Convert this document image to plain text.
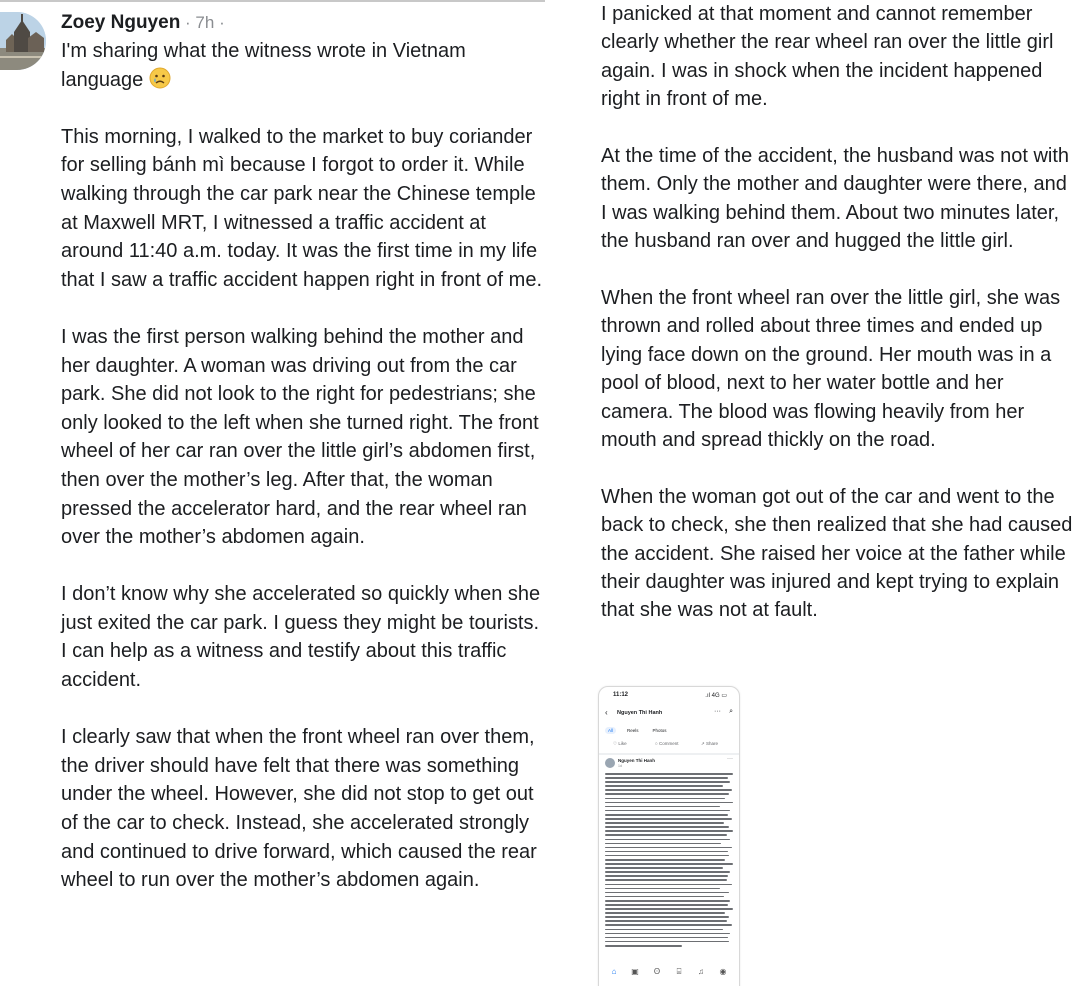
Zoey Nguyen · 7h ·

I'm sharing what the witness wrote in Vietnam language

This morning, I walked to the market to buy coriander for selling bánh mì because I forgot to order it. While walking through the car park near the Chinese temple at Maxwell MRT, I witnessed a traffic accident at around 11:40 a.m. today. It was the first time in my life that I saw a traffic accident happen right in front of me.

I was the first person walking behind the mother and her daughter. A woman was driving out from the car park. She did not look to the right for pedestrians; she only looked to the left when she turned right. The front wheel of her car ran over the little girl’s abdomen first, then over the mother’s leg. After that, the woman pressed the accelerator hard, and the rear wheel ran over the mother’s abdomen again.

I don’t know why she accelerated so quickly when she just exited the car park. I guess they might be tourists. I can help as a witness and testify about this traffic accident.

I clearly saw that when the front wheel ran over them, the driver should have felt that there was something under the wheel. However, she did not stop to get out of the car to check. Instead, she accelerated strongly and continued to drive forward, which caused the rear wheel to run over the mother’s abdomen again.

I panicked at that moment and cannot remember clearly whether the rear wheel ran over the little girl again. I was in shock when the incident happened right in front of me.

At the time of the accident, the husband was not with them. Only the mother and daughter were there, and I was walking behind them. About two minutes later, the husband ran over and hugged the little girl.

When the front wheel ran over the little girl, she was thrown and rolled about three times and ended up lying face down on the ground. Her mouth was in a pool of blood, next to her water bottle and her camera. The blood was flowing heavily from her mouth and spread thickly on the road.

When the woman got out of the car and went to the back to check, she then realized that she had caused the accident. She raised her voice at the father while their daughter was injured and kept trying to explain that she was not at fault.

11:12	.ıl 4G ▭
‹ Nguyen Thi Hanh	··· ⌕
All	Reels	Photos
♡ Like	○ Comment	↗ Share
Nguyen Thi Hanh
1d
···
⌂	▣	ʘ	⌸	♫	◉
